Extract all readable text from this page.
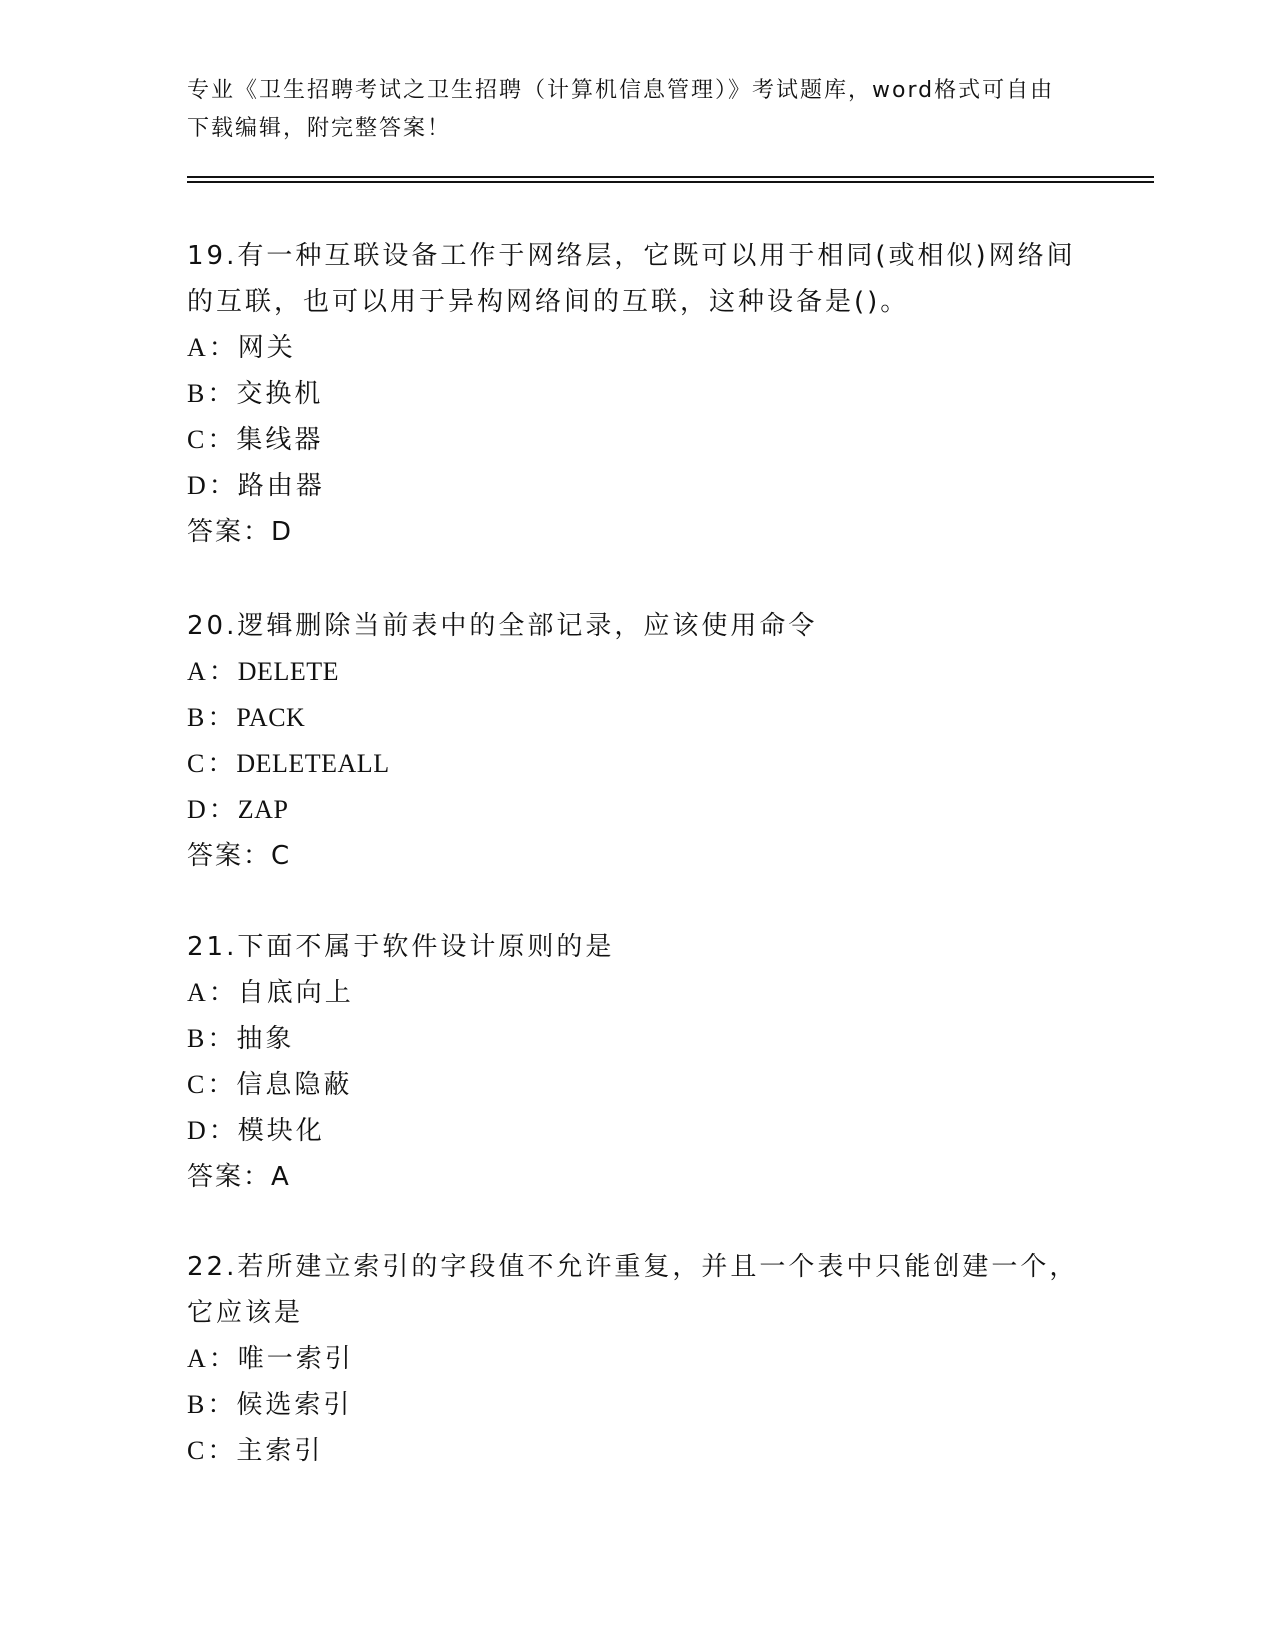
专业《卫生招聘考试之卫生招聘（计算机信息管理）》考试题库，word格式可自由下载编辑，附完整答案！

19.有一种互联设备工作于网络层，它既可以用于相同(或相似)网络间的互联，也可以用于异构网络间的互联，这种设备是()。

A：网关

B：交换机

C：集线器

D：路由器

答案：D

20.逻辑删除当前表中的全部记录，应该使用命令

A：DELETE

B：PACK

C：DELETEALL

D：ZAP

答案：C

21.下面不属于软件设计原则的是

A：自底向上

B：抽象

C：信息隐蔽

D：模块化

答案：A

22.若所建立索引的字段值不允许重复，并且一个表中只能创建一个，它应该是

A：唯一索引

B：候选索引

C：主索引
